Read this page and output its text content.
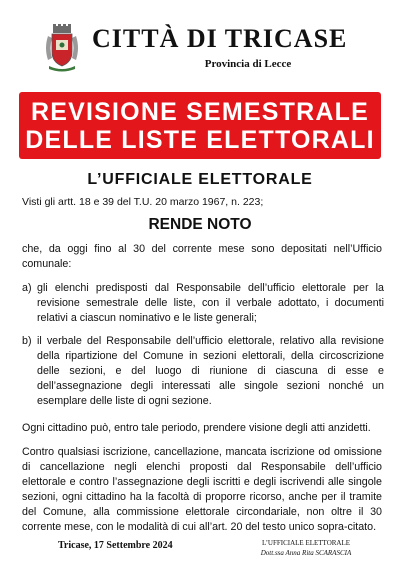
CITTÀ DI TRICASE
Provincia di Lecce
REVISIONE SEMESTRALE
DELLE LISTE ELETTORALI
L’UFFICIALE ELETTORALE
Visti gli artt. 18 e 39 del T.U. 20 marzo 1967, n. 223;
RENDE NOTO
che, da oggi fino al 30 del corrente mese sono depositati nell’Ufficio comunale:
a) gli elenchi predisposti dal Responsabile dell’ufficio elettorale per la revisione semestrale delle liste, con il verbale adottato, i documenti relativi a ciascun nominativo e le liste generali;
b) il verbale del Responsabile dell’ufficio elettorale, relativo alla revisione della ripartizione del Comune in sezioni elettorali, della circoscrizione delle sezioni, e del luogo di riunione di ciascuna di esse e dell’assegnazione degli interessati alle singole sezioni nonché un esemplare delle liste di ogni sezione.
Ogni cittadino può, entro tale periodo, prendere visione degli atti anzidetti.
Contro qualsiasi iscrizione, cancellazione, mancata iscrizione od omissione di cancellazione negli elenchi proposti dal Responsabile dell’ufficio elettorale e contro l’assegnazione degli iscritti e degli iscrivendi alle singole sezioni, ogni cittadino ha la facoltà di proporre ricorso, anche per il tramite del Comune, alla commissione elettorale circondariale, non oltre il 30 corrente mese, con le modalità di cui all’art. 20 del testo unico sopra-citato.
Tricase, 17 Settembre 2024	L’UFFICIALE ELETTORALE
Dott.ssa Anna Rita SCARASCIA
